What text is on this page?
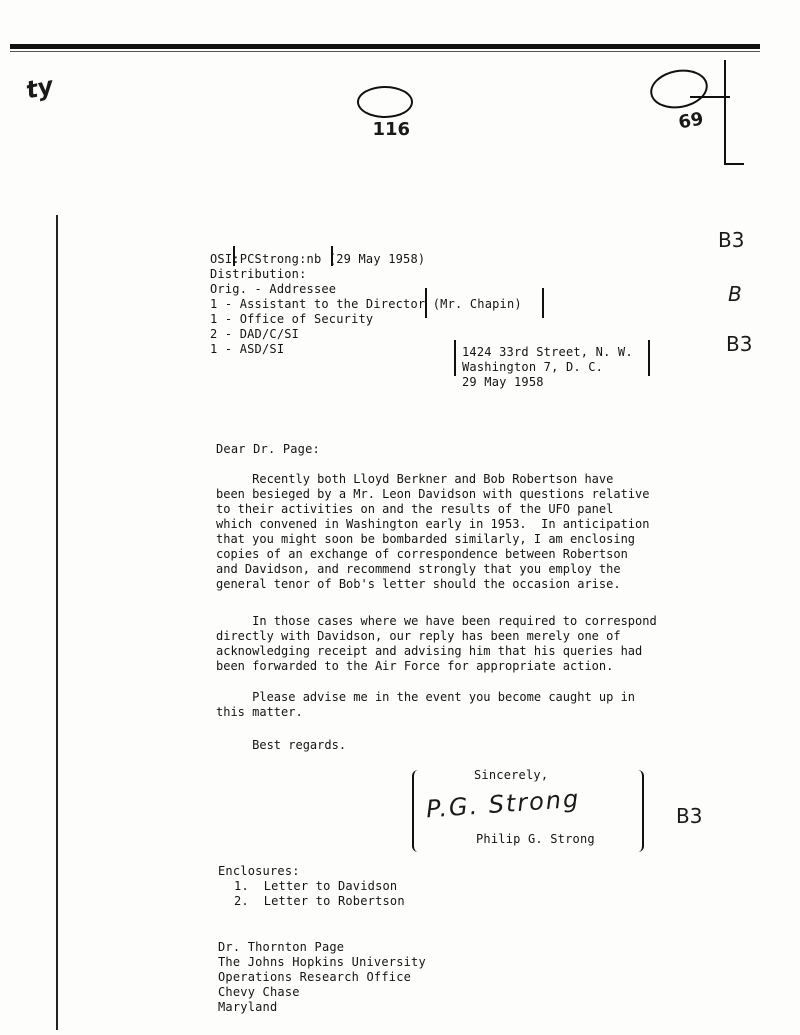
ty

116	69

B3
B
B3
B3
OSI:PCStrong:nb (29 May 1958)
Distribution:
Orig. - Addressee
1 - Assistant to the Director (Mr. Chapin)
1 - Office of Security
2 - DAD/C/SI
1 - ASD/SI	1424 33rd Street, N. W.
Washington 7, D. C.
29 May 1958
Dear Dr. Page:
Recently both Lloyd Berkner and Bob Robertson have
been besieged by a Mr. Leon Davidson with questions relative
to their activities on and the results of the UFO panel
which convened in Washington early in 1953.  In anticipation
that you might soon be bombarded similarly, I am enclosing
copies of an exchange of correspondence between Robertson
and Davidson, and recommend strongly that you employ the
general tenor of Bob's letter should the occasion arise.
In those cases where we have been required to correspond
directly with Davidson, our reply has been merely one of
acknowledging receipt and advising him that his queries had
been forwarded to the Air Force for appropriate action.
Please advise me in the event you become caught up in
this matter.
Best regards.
Sincerely,
P.G. Strong
Philip G. Strong
Enclosures:
1.  Letter to Davidson
2.  Letter to Robertson
Dr. Thornton Page
The Johns Hopkins University
Operations Research Office
Chevy Chase
Maryland
